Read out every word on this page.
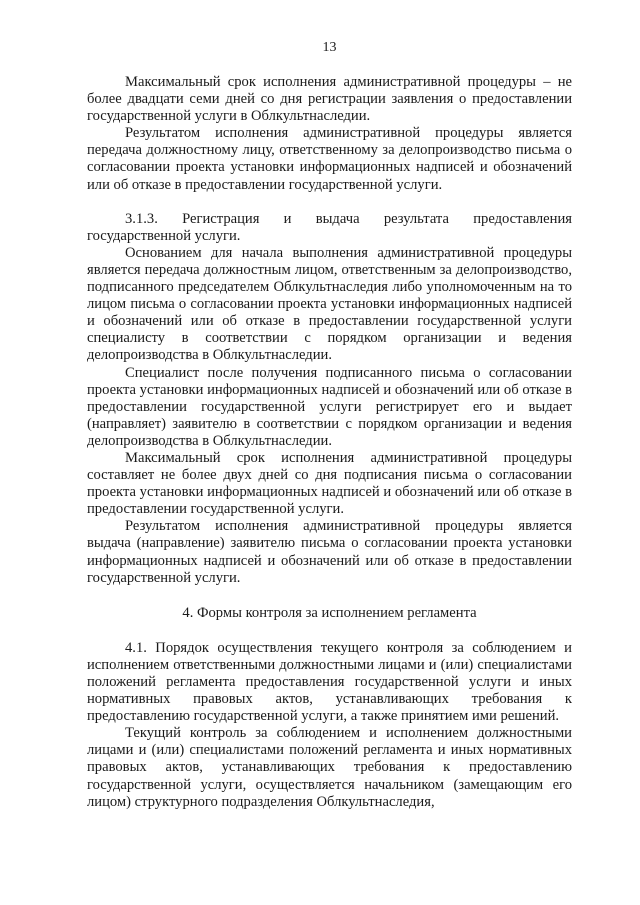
13

Максимальный срок исполнения административной процедуры – не более двадцати семи дней со дня регистрации заявления о предоставлении государственной услуги в Облкультнаследии.

Результатом исполнения административной процедуры является передача должностному лицу, ответственному за делопроизводство письма о согласовании проекта установки информационных надписей и обозначений или об отказе в предоставлении государственной услуги.

3.1.3. Регистрация и выдача результата предоставления государственной услуги.

Основанием для начала выполнения административной процедуры является передача должностным лицом, ответственным за делопроизводство, подписанного председателем Облкультнаследия либо уполномоченным на то лицом письма о согласовании проекта установки информационных надписей и обозначений или об отказе в предоставлении государственной услуги специалисту в соответствии с порядком организации и ведения делопроизводства в Облкультнаследии.

Специалист после получения подписанного письма о согласовании проекта установки информационных надписей и обозначений или об отказе в предоставлении государственной услуги регистрирует его и выдает (направляет) заявителю в соответствии с порядком организации и ведения делопроизводства в Облкультнаследии.

Максимальный срок исполнения административной процедуры составляет не более двух дней со дня подписания письма о согласовании проекта установки информационных надписей и обозначений или об отказе в предоставлении государственной услуги.

Результатом исполнения административной процедуры является выдача (направление) заявителю письма о согласовании проекта установки информационных надписей и обозначений или об отказе в предоставлении государственной услуги.

4. Формы контроля за исполнением регламента

4.1. Порядок осуществления текущего контроля за соблюдением и исполнением ответственными должностными лицами и (или) специалистами положений регламента предоставления государственной услуги и иных нормативных правовых актов, устанавливающих требования к предоставлению государственной услуги, а также принятием ими решений.

Текущий контроль за соблюдением и исполнением должностными лицами и (или) специалистами положений регламента и иных нормативных правовых актов, устанавливающих требования к предоставлению государственной услуги, осуществляется начальником (замещающим его лицом) структурного подразделения Облкультнаследия,
